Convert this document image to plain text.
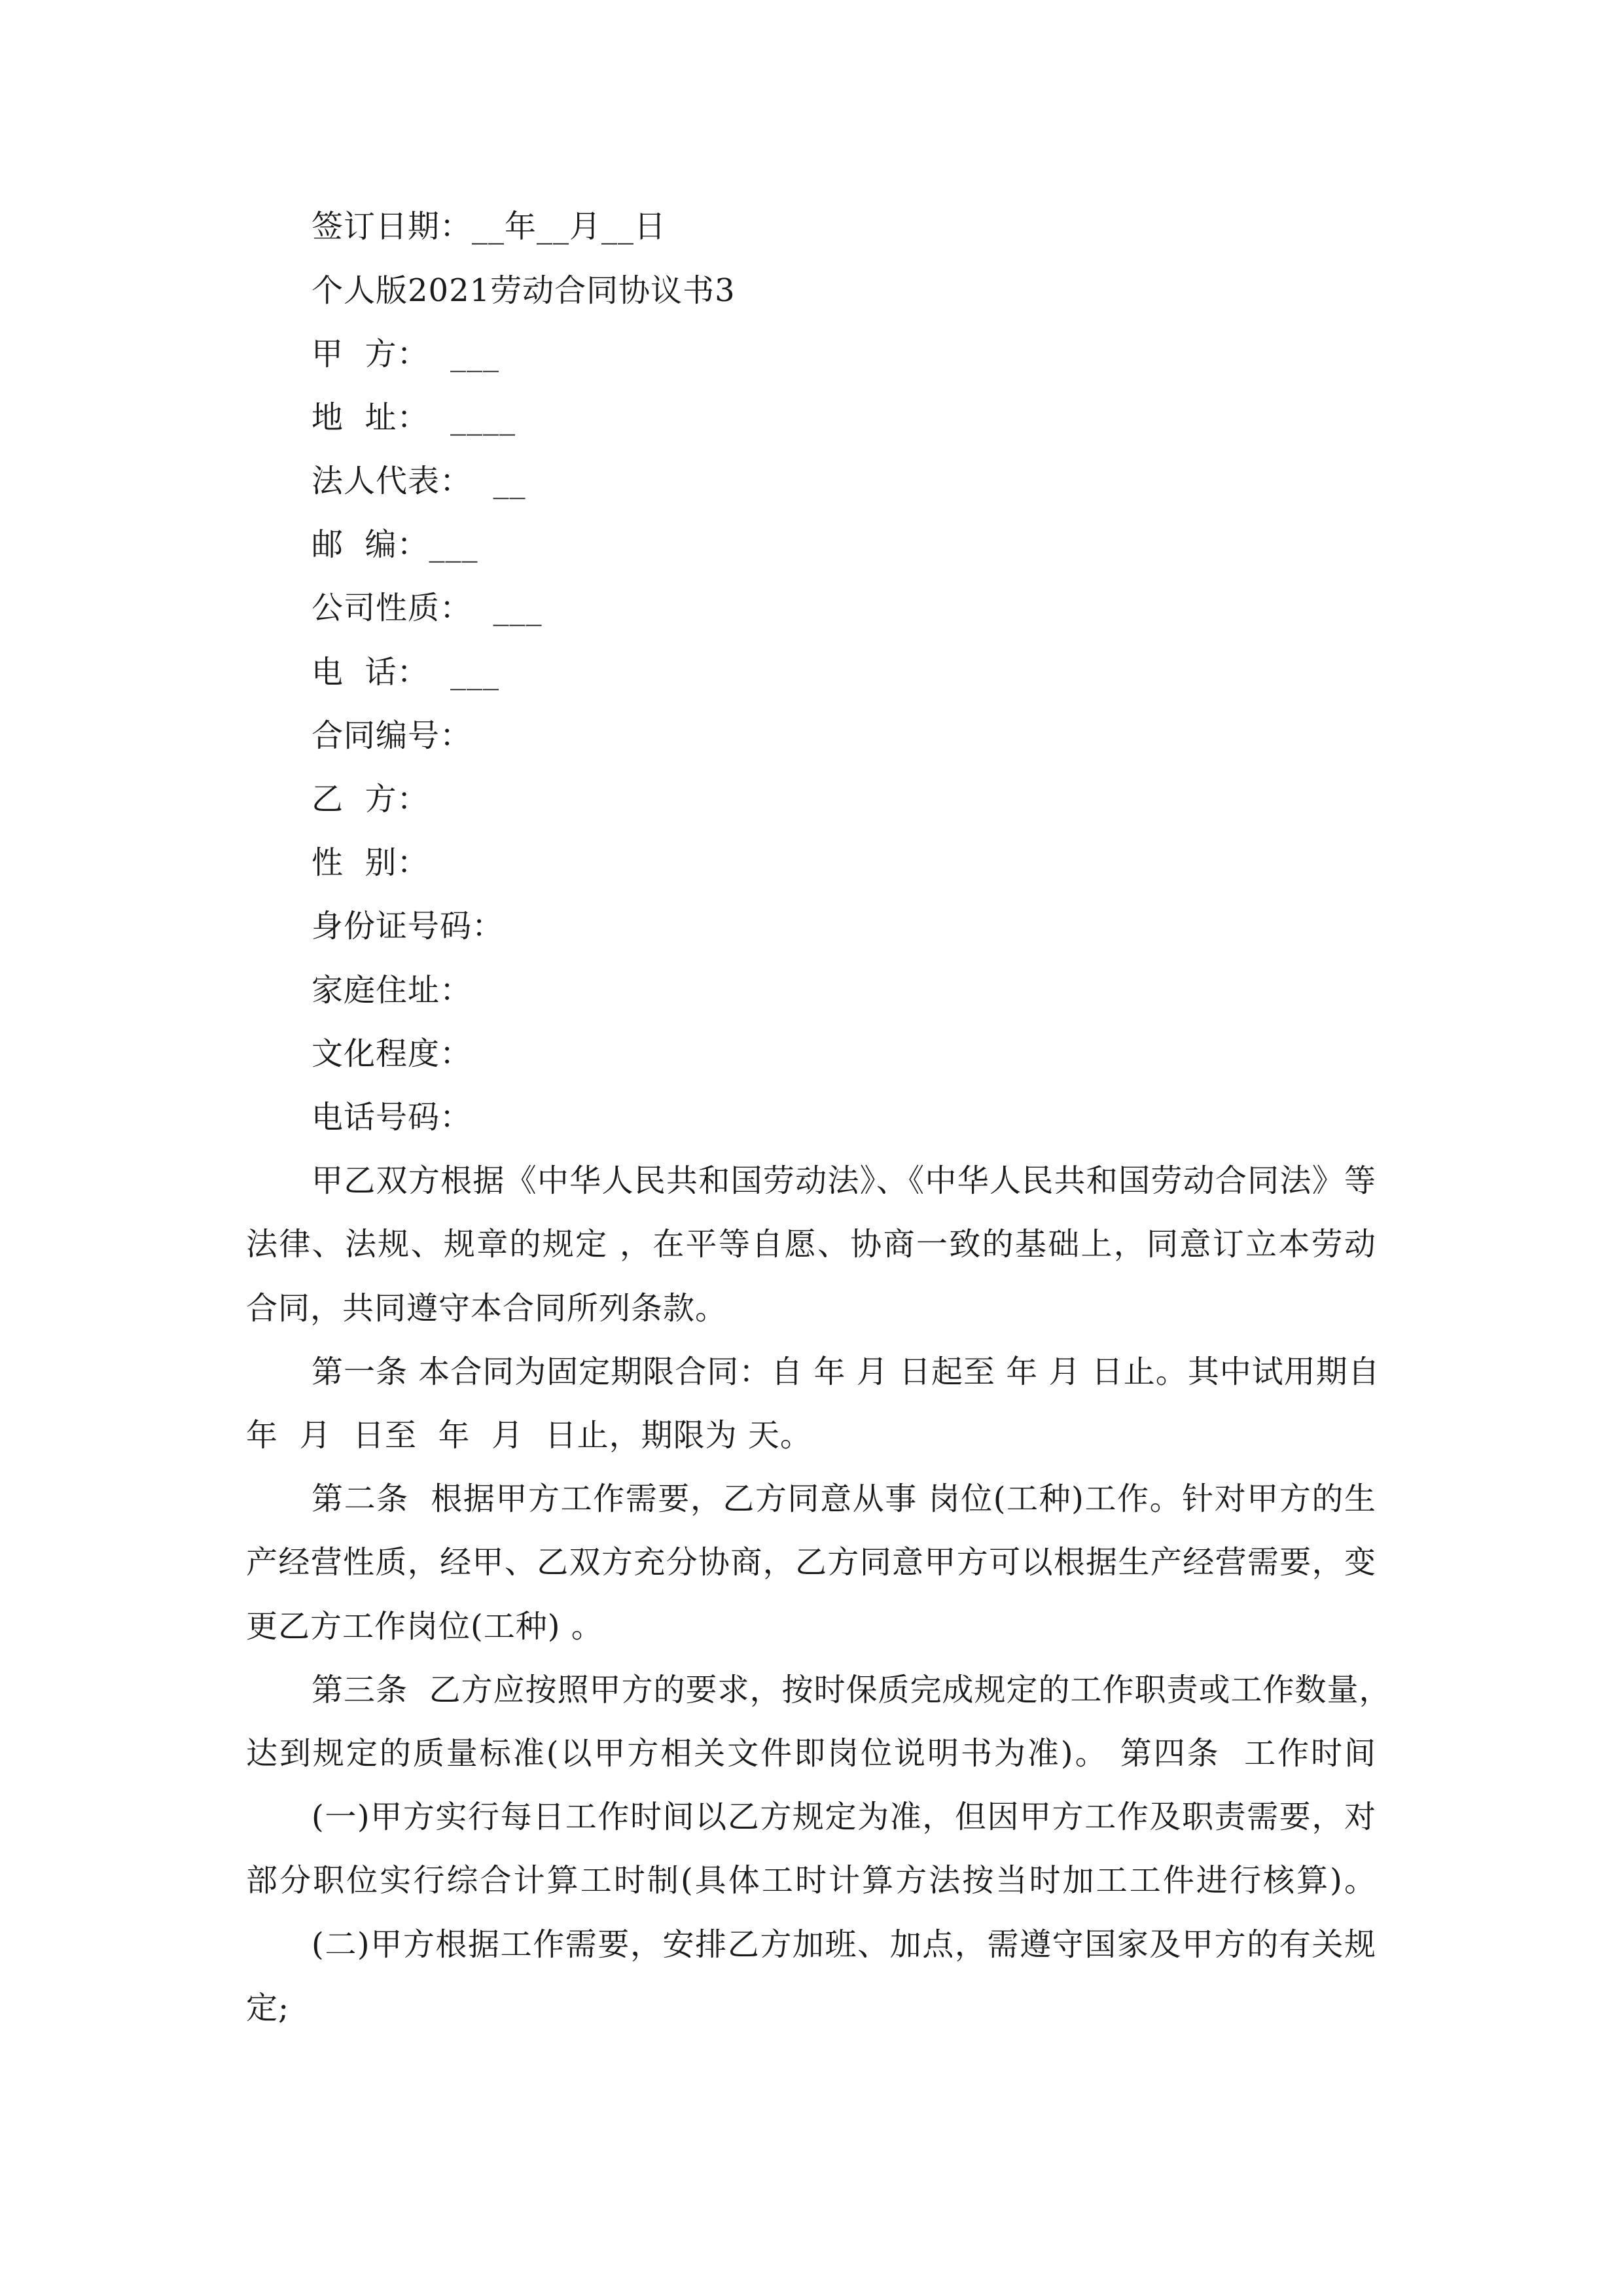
签订日期：__年__月__日
个人版2021劳动合同协议书3
甲  方：  ___
地  址：  ____
法人代表：  __
邮  编：___
公司性质：  ___
电  话：  ___
合同编号：
乙  方：
性  别：
身份证号码：
家庭住址：
文化程度：
电话号码：
甲乙双方根据《中华人民共和国劳动法》、《中华人民共和国劳动合同法》等
法律、法规、规章的规定 ，在平等自愿、协商一致的基础上，同意订立本劳动
合同，共同遵守本合同所列条款。
第一条 本合同为固定期限合同：自 年 月 日起至 年 月 日止。其中试用期自
年  月  日至  年  月  日止，期限为 天。
第二条  根据甲方工作需要，乙方同意从事 岗位(工种)工作。针对甲方的生
产经营性质，经甲、乙双方充分协商，乙方同意甲方可以根据生产经营需要，变
更乙方工作岗位(工种) 。
第三条  乙方应按照甲方的要求，按时保质完成规定的工作职责或工作数量，
达到规定的质量标准(以甲方相关文件即岗位说明书为准)。 第四条  工作时间
(一)甲方实行每日工作时间以乙方规定为准，但因甲方工作及职责需要，对
部分职位实行综合计算工时制(具体工时计算方法按当时加工工件进行核算)。
(二)甲方根据工作需要，安排乙方加班、加点，需遵守国家及甲方的有关规
定;
